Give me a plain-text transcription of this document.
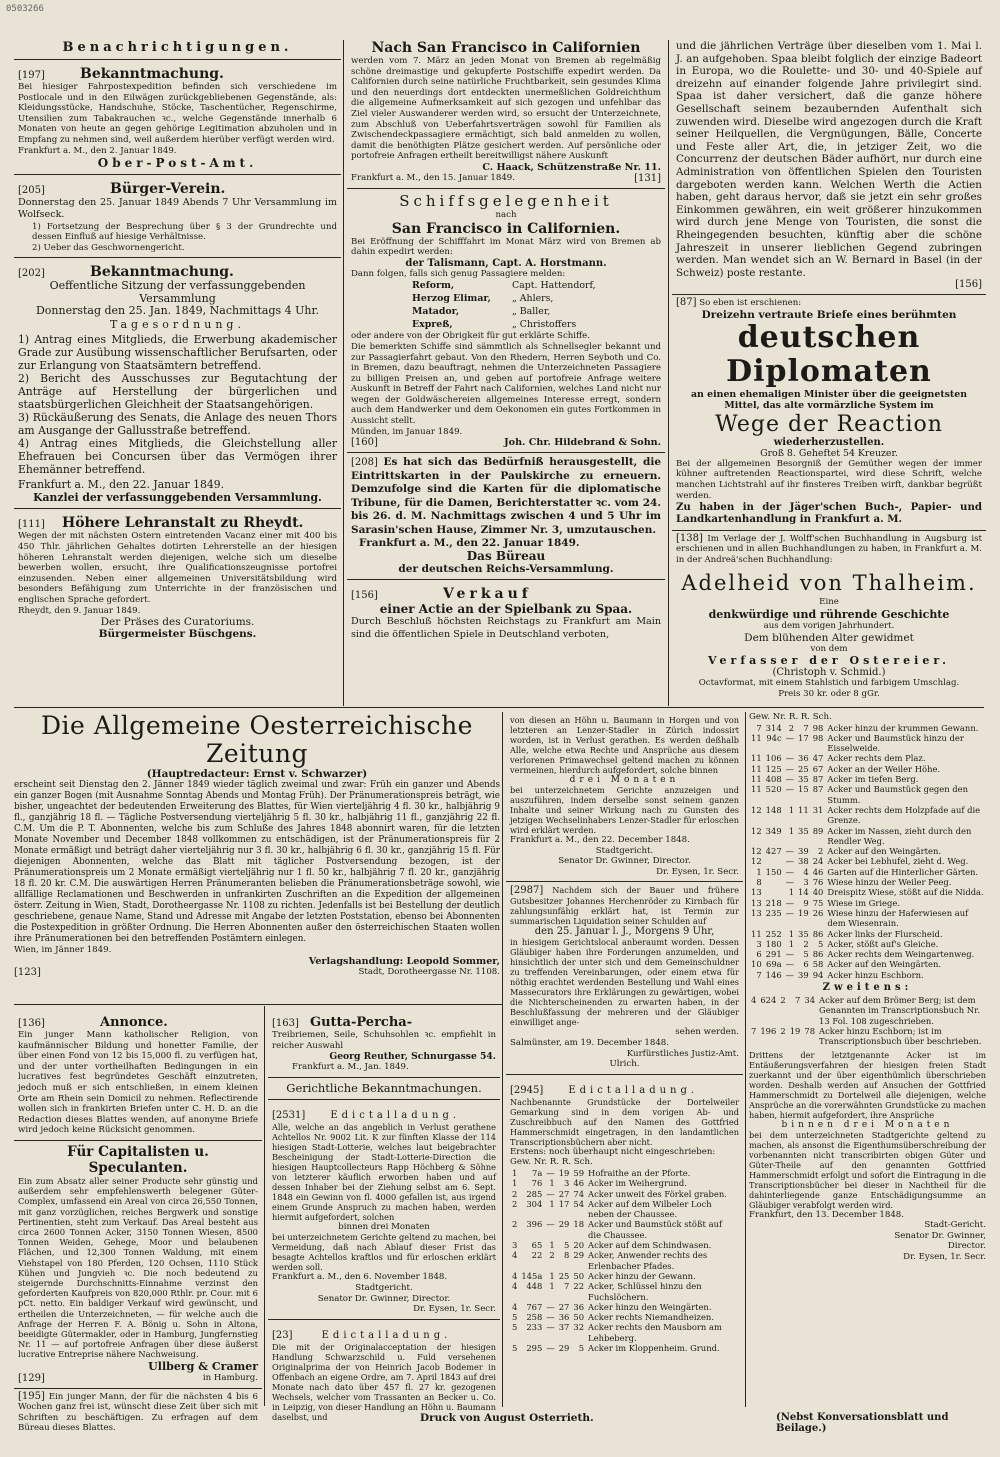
0503266
Benachrichtigungen.
[197]	Bekanntmachung.

Bei hiesiger Fahrpostexpedition befinden sich verschiedene im Postlocale und in den Eilwägen zurückgebliebenen Gegenstände, als: Kleidungsstücke, Handschuhe, Stöcke, Taschentücher, Regenschirme, Utensilien zum Tabakrauchen ꝛc., welche Gegenstände innerhalb 6 Monaten von heute an gegen gehörige Legitimation abzuholen und in Empfang zu nehmen sind, weil außerdem hierüber verfügt werden wird.

Frankfurt a. M., den 2. Januar 1849.

Ober-Post-Amt.
[205]	Bürger-Verein.

Donnerstag den 25. Januar 1849 Abends 7 Uhr Versammlung im Wolfseck.

1) Fortsetzung der Besprechung über § 3 der Grundrechte und dessen Einfluß auf hiesige Verhältnisse.

2) Ueber das Geschwornengericht.

[202]	Bekanntmachung.

Oeffentliche Sitzung der verfassunggebenden Versammlung

Donnerstag den 25. Jan. 1849, Nachmittags 4 Uhr.

Tagesordnung.

1) Antrag eines Mitglieds, die Erwerbung akademischer Grade zur Ausübung wissenschaftlicher Berufsarten, oder zur Erlangung von Staatsämtern betreffend.

2) Bericht des Ausschusses zur Begutachtung der Anträge auf Herstellung der bürgerlichen und staatsbürgerlichen Gleichheit der Staatsangehörigen.

3) Rückäußerung des Senats, die Anlage des neuen Thors am Ausgange der Gallusstraße betreffend.

4) Antrag eines Mitglieds, die Gleichstellung aller Ehefrauen bei Concursen über das Vermögen ihrer Ehemänner betreffend.

Frankfurt a. M., den 22. Januar 1849.

Kanzlei der verfassunggebenden Versammlung.
[111] Höhere Lehranstalt zu Rheydt.

Wegen der mit nächsten Ostern eintretenden Vacanz einer mit 400 bis 450 Thlr. jährlichen Gehaltes dotirten Lehrerstelle an der hiesigen höheren Lehranstalt werden diejenigen, welche sich um dieselbe bewerben wollen, ersucht, ihre Qualificationszeugnisse portofrei einzusenden. Neben einer allgemeinen Universitätsbildung wird besonders Befähigung zum Unterrichte in der französischen und englischen Sprache gefordert.

Rheydt, den 9. Januar 1849.

Der Präses des Curatoriums.
Bürgermeister Büschgens.
Nach San Francisco in Californien

werden vom 7. März an jeden Monat von Bremen ab regelmäßig schöne dreimastige und gekupferte Postschiffe expedirt werden. Da Californien durch seine natürliche Fruchtbarkeit, sein gesundes Klima und den neuerdings dort entdeckten unermeßlichen Goldreichthum die allgemeine Aufmerksamkeit auf sich gezogen und unfehlbar das Ziel vieler Auswanderer werden wird, so ersucht der Unterzeichnete, zum Abschluß von Ueberfahrtsverträgen sowohl für Familien als Zwischendeckpassagiere ermächtigt, sich bald anmelden zu wollen, damit die benöthigten Plätze gesichert werden. Auf persönliche oder portofreie Anfragen ertheilt bereitwilligst nähere Auskunft

C. Haack, Schützenstraße Nr. 11.
Frankfurt a. M., den 15. Januar 1849.	[131]
Schiffsgelegenheit
nach
San Francisco in Californien.

Bei Eröffnung der Schifffahrt im Monat März wird von Bremen ab dahin expedirt werden:

der Talismann, Capt. A. Horstmann.

Dann folgen, falls sich genug Passagiere melden:

Reform,	Capt. Hattendorf,
Herzog Elimar,	„ Ahlers,
Matador,	„ Baller,
Expreß,	„ Christoffers

oder andere von der Obrigkeit für gut erklärte Schiffe.

Die bemerkten Schiffe sind sämmtlich als Schnellsegler bekannt und zur Passagierfahrt gebaut. Von den Rhedern, Herren Seyboth und Co. in Bremen, dazu beauftragt, nehmen die Unterzeichneten Passagiere zu billigen Preisen an, und geben auf portofreie Anfrage weitere Auskunft in Betreff der Fahrt nach Californien, welches Land nicht nur wegen der Goldwäschereien allgemeines Interesse erregt, sondern auch dem Handwerker und dem Oekonomen ein gutes Fortkommen in Aussicht stellt.

Münden, im Januar 1849.

[160]	Joh. Chr. Hildebrand & Sohn.

[208] Es hat sich das Bedürfniß herausgestellt, die Eintrittskarten in der Paulskirche zu erneuern. Demzufolge sind die Karten für die diplomatische Tribune, für die Damen, Berichterstatter ꝛc. vom 24. bis 26. d. M. Nachmittags zwischen 4 und 5 Uhr im Sarasin'schen Hause, Zimmer Nr. 3, umzutauschen.

Frankfurt a. M., den 22. Januar 1849.

Das Büreau
der deutschen Reichs-Versammlung.
[156]	Verkauf
einer Actie an der Spielbank zu Spaa.

Durch Beschluß höchsten Reichstags zu Frankfurt am Main sind die öffentlichen Spiele in Deutschland verboten,

und die jährlichen Verträge über dieselben vom 1. Mai l. J. an aufgehoben. Spaa bleibt folglich der einzige Badeort in Europa, wo die Roulette- und 30- und 40-Spiele auf dreizehn auf einander folgende Jahre privilegirt sind. Spaa ist daher versichert, daß die ganze höhere Gesellschaft seinem bezaubernden Aufenthalt sich zuwenden wird. Dieselbe wird angezogen durch die Kraft seiner Heilquellen, die Vergnügungen, Bälle, Concerte und Feste aller Art, die, in jetziger Zeit, wo die Concurrenz der deutschen Bäder aufhört, nur durch eine Administration von öffentlichen Spielen den Touristen dargeboten werden kann. Welchen Werth die Actien haben, geht daraus hervor, daß sie jetzt ein sehr großes Einkommen gewähren, ein weit größerer hinzukommen wird durch jene Menge von Touristen, die sonst die Rheingegenden besuchten, künftig aber die schöne Jahreszeit in unserer lieblichen Gegend zubringen werden. Man wendet sich an W. Bernard in Basel (in der Schweiz) poste restante.

[156]
[87] So eben ist erschienen:
Dreizehn vertraute Briefe eines berühmten
deutschen Diplomaten
an einen ehemaligen Minister über die geeignetsten Mittel, das alte vormärzliche System im
Wege der Reaction
wiederherzustellen.
Groß 8. Geheftet 54 Kreuzer.

Bei der allgemeinen Besorgniß der Gemüther wegen der immer kühner auftretenden Reactionspartei, wird diese Schrift, welche manchen Lichtstrahl auf ihr finsteres Treiben wirft, dankbar begrüßt werden.

Zu haben in der Jäger'schen Buch-, Papier- und Landkartenhandlung in Frankfurt a. M.

[138] Im Verlage der J. Wolff'schen Buchhandlung in Augsburg ist erschienen und in allen Buchhandlungen zu haben, in Frankfurt a. M. in der Andreä'schen Buchhandlung:
Adelheid von Thalheim.
Eine
denkwürdige und rührende Geschichte
aus dem vorigen Jahrhundert.
Dem blühenden Alter gewidmet
von dem
Verfasser der Ostereier.
(Christoph v. Schmid.)
Octavformat, mit einem Stahlstich und farbigem Umschlag.
Preis 30 kr. oder 8 gGr.
Die Allgemeine Oesterreichische Zeitung
(Hauptredacteur: Ernst v. Schwarzer)

erscheint seit Dienstag den 2. Jänner 1849 wieder täglich zweimal und zwar: Früh ein ganzer und Abends ein ganzer Bogen (mit Ausnahme Sonntag Abends und Montag Früh). Der Pränumerationspreis beträgt, wie bisher, ungeachtet der bedeutenden Erweiterung des Blattes, für Wien vierteljährig 4 fl. 30 kr., halbjährig 9 fl., ganzjährig 18 fl. — Tägliche Postversendung vierteljährig 5 fl. 30 kr., halbjährig 11 fl., ganzjährig 22 fl. C.M. Um die P. T. Abonnenten, welche bis zum Schluße des Jahres 1848 abonnirt waren, für die letzten Monate November und December 1848 vollkommen zu entschädigen, ist der Pränumerationspreis für 2 Monate ermäßigt und beträgt daher vierteljährig nur 3 fl. 30 kr., halbjährig 6 fl. 30 kr., ganzjährig 15 fl. Für diejenigen Abonnenten, welche das Blatt mit täglicher Postversendung bezogen, ist der Pränumerationspreis um 2 Monate ermäßigt vierteljährig nur 1 fl. 50 kr., halbjährig 7 fl. 20 kr., ganzjährig 18 fl. 20 kr. C.M. Die auswärtigen Herren Pränumeranten belieben die Pränumerationsbeträge sowohl, wie allfällige Reclamationen und Beschwerden in unfrankirten Zuschriften an die Expedition der allgemeinen österr. Zeitung in Wien, Stadt, Dorotheergasse Nr. 1108 zu richten. Jedenfalls ist bei Bestellung der deutlich geschriebene, genaue Name, Stand und Adresse mit Angabe der letzten Poststation, ebenso bei Abonnenten die Postexpedition in größter Ordnung. Die Herren Abonnenten außer den österreichischen Staaten wollen ihre Pränumerationen bei den betreffenden Postämtern einlegen.

Wien, im Jänner 1849.

Verlagshandlung: Leopold Sommer,
[123]	Stadt, Dorotheergasse Nr. 1108.
[136]	Annonce.

Ein junger Mann katholischer Religion, von kaufmännischer Bildung und honetter Familie, der über einen Fond von 12 bis 15,000 fl. zu verfügen hat, und der unter vortheilhaften Bedingungen in ein lucratives fest begründetes Geschäft einzutreten, jedoch muß er sich entschließen, in einem kleinen Orte am Rhein sein Domicil zu nehmen. Reflectirende wollen sich in frankirten Briefen unter C. H. D. an die Redaction dieses Blattes wenden, auf anonyme Briefe wird jedoch keine Rücksicht genommen.

Für Capitalisten u. Speculanten.

Ein zum Absatz aller seiner Producte sehr günstig und außerdem sehr empfehlenswerth belegener Güter-Complex, umfassend ein Areal von circa 26,550 Tonnen, mit ganz vorzüglichen, reiches Bergwerk und sonstige Pertinentien, steht zum Verkauf. Das Areal besteht aus circa 2600 Tonnen Acker, 3150 Tonnen Wiesen, 8500 Tonnen Weiden, Gehege, Moor und belaubenen Flächen, und 12,300 Tonnen Waldung, mit einem Viehstapel von 180 Pferden, 120 Ochsen, 1110 Stück Kühen und Jungvieh ꝛc. Die noch bedeutend zu steigernde Durchschnitts-Einnahme verzinst den geforderten Kaufpreis von 820,000 Rthlr. pr. Cour. mit 6 pCt. netto. Ein baldiger Verkauf wird gewünscht, und ertheilen die Unterzeichneten, — für welche auch die Anfrage der Herren F. A. Bönig u. Sohn in Altona, beeidigte Gütermakler, oder in Hamburg, Jungfernstieg Nr. 11 — auf portofreie Anfragen über diese äußerst lucrative Entreprise nähere Nachweisung.

Ullberg & Cramer
[129]	in Hamburg.

[195] Ein junger Mann, der für die nächsten 4 bis 6 Wochen ganz frei ist, wünscht diese Zeit über sich mit Schriften zu beschäftigen. Zu erfragen auf dem Büreau dieses Blattes.

[163] Gutta-Percha-

Treibriemen, Seile, Schuhsohlen ꝛc. empfiehlt in reicher Auswahl

Georg Reuther, Schnurgasse 54.

Frankfurt a. M., Jan. 1849.

Gerichtliche Bekanntmachungen.
[2531]	Edictalladung.

Alle, welche an das angeblich in Verlust gerathene Achtellos Nr. 9002 Lit. K zur fünften Klasse der 114 hiesigen Stadt-Lotterie, welches laut beigebrachter Bescheinigung der Stadt-Lotterie-Direction die hiesigen Hauptcollecteurs Rapp Höchberg & Söhne von letzterer käuflich erworben haben und auf dessen Inhaber bei der Ziehung selbst am 6. Sept. 1848 ein Gewinn von fl. 4000 gefallen ist, aus irgend einem Grunde Anspruch zu machen haben, werden hiermit aufgefordert, solchen

binnen drei Monaten

bei unterzeichnetem Gerichte geltend zu machen, bei Vermeidung, daß nach Ablauf dieser Frist das besagte Achtellos kraftlos und für erloschen erklärt werden soll.

Frankfurt a. M., den 6. November 1848.

Stadtgericht.
Senator Dr. Gwinner, Director.
Dr. Eysen, 1r. Secr.
[23]	Edictalladung.

Die mit der Originalacceptation der hiesigen Handlung Schwarzschild u. Fuld versehenen Originalprima der von Heinrich Jacob Bodemer in Offenbach an eigene Ordre, am 7. April 1843 auf drei Monate nach dato über 457 fl. 27 kr. gezogenen Wechsels, welcher vom Trassanten an Becker u. Co. in Leipzig, von dieser Handlung an Höhn u. Baumann daselbst, und

von diesen an Höhn u. Baumann in Horgen und von letzteren an Lenzer-Stadler in Zürich indossirt worden, ist in Verlust gerathen. Es werden deßhalb Alle, welche etwa Rechte und Ansprüche aus diesem verlorenen Primawechsel geltend machen zu können vermeinen, hierdurch aufgefordert, solche binnen

drei Monaten

bei unterzeichnetem Gerichte anzuzeigen und auszuführen, indem derselbe sonst seinem ganzen Inhalte und seiner Wirkung nach zu Gunsten des jetzigen Wechselinhabers Lenzer-Stadler für erloschen wird erklärt werden.

Frankfurt a. M., den 22. December 1848.

Stadtgericht.
Senator Dr. Gwinner, Director.
Dr. Eysen, 1r. Secr.

[2987] Nachdem sich der Bauer und frühere Gutsbesitzer Johannes Herchenröder zu Kirnbach für zahlungsunfähig erklärt hat, ist Termin zur summarischen Liquidation seiner Schulden auf

den 25. Januar l. J., Morgens 9 Uhr,

in hiesigem Gerichtslocal anberaumt worden. Dessen Gläubiger haben ihre Forderungen anzumelden, und hinsichtlich der unter sich und dem Gemeinschuldner zu treffenden Vereinbarungen, oder einem etwa für nöthig erachtet werdenden Bestellung und Wahl eines Massecurators ihre Erklärungen zu gewärtigen, wobei die Nichterscheinenden zu erwarten haben, in der Beschlußfassung der mehreren und der Gläubiger einwilliget ange-

sehen werden.

Salmünster, am 19. December 1848.

Kurfürstliches Justiz-Amt.
Ulrich.
[2945]	Edictalladung.

Nachbenannte Grundstücke der Dortelweiler Gemarkung sind in dem vorigen Ab- und Zuschreibbuch auf den Namen des Gottfried Hammerschmidt eingetragen, in den landamtlichen Transcriptionsbüchern aber nicht.

Erstens: noch überhaupt nicht eingeschrieben:
Gew. Nr. R. R. Sch.
1	7a	—	19	59	Hofraithe an der Pforte.
1	76	1	3	46	Acker im Weihergrund.
2	285	—	27	74	Acker unweit des Förkel graben.
2	304	1	17	54	Acker auf dem Wilbeler Loch neben der Chaussee.
2	396	—	29	18	Acker und Baumstück stößt auf die Chaussee.
3	65	1	5	20	Acker auf dem Schindwasen.
4	22	2	8	29	Acker, Anwender rechts des Erlenbacher Pfades.
4	145a	1	25	50	Acker hinzu der Gewann.
4	448	1	7	22	Acker, Schlüssel hinzu den Fuchslöchern.
4	767	—	27	36	Acker hinzu den Weingärten.
5	258	—	36	50	Acker rechts Niemandheizen.
5	233	—	37	32	Acker rechts den Mausborn am Lehbeberg.
5	295	—	29	5	Acker im Kloppenheim. Grund.
Gew. Nr. R. R. Sch.
7	314	2	7	98	Acker hinzu der krummen Gewann.
11	94c	—	17	98	Acker und Baumstück hinzu der Eisselweide.
11	106	—	36	47	Acker rechts dem Plaz.
11	125	—	25	67	Acker an der Weiler Höhe.
11	408	—	35	87	Acker im tiefen Berg.
11	520	—	15	87	Acker und Baumstück gegen den Stumm.
12	148	1	11	31	Acker rechts dem Holzpfade auf die Grenze.
12	349	1	35	89	Acker im Nassen, zieht durch den Rendler Weg.
12	427	—	39	2	Acker auf den Weingärten.
12		—	38	24	Acker bei Lebhufel, zieht d. Weg.
1	150	—	4	46	Garten auf die Hinterlicher Gärten.
8		—	3	76	Wiese hinzu der Weiler Peeg.
13		1	14	40	Dreispitz Wiese, stößt auf die Nidda.
13	218	—	9	75	Wiese im Griege.
13	235	—	19	26	Wiese hinzu der Haferwiesen auf dem Wiesenrain.
11	252	1	35	86	Acker links der Flurscheid.
3	180	1	2	5	Acker, stößt auf's Gleiche.
6	291	—	5	86	Acker rechts dem Weingartenweg.
10	69a	—	6	58	Acker auf den Weingärten.
7	146	—	39	94	Acker hinzu Eschborn.
Zweitens:
4	624	2	7	34	Acker auf dem Brömer Berg; ist dem Genannten im Transcriptionsbuch Nr. 13 Fol. 108 zugeschrieben.
7	196	2	19	78	Acker hinzu Eschborn; ist im Transcriptionsbuch über beschrieben.

Drittens der letztgenannte Acker ist im Entäußerungsverfahren der hiesigen freien Stadt zuerkannt und der über eigenthümlich überschrieben worden. Deshalb werden auf Ansuchen der Gottfried Hammerschmidt zu Dortelweil alle diejenigen, welche Ansprüche an die vorerwähnten Grundstücke zu machen haben, hiermit aufgefordert, ihre Ansprüche

binnen drei Monaten

bei dem unterzeichneten Stadtgerichte geltend zu machen, als ansonst die Eigenthumsüberschreibung der vorbenannten nicht transcribirten obigen Güter und Güter-Theile auf den genannten Gottfried Hammerschmidt erfolgt und sofort die Eintragung in die Transcriptionsbücher bei dieser in Nachtheil für die dahinterliegende ganze Entschädigungsumme an Gläubiger verabfolgt werden wird.

Frankfurt, den 13. December 1848.

Stadt-Gericht.
Senator Dr. Gwinner,
Director.
Dr. Eysen, 1r. Secr.
Druck von August Osterrieth.	(Nebst Konversationsblatt und Beilage.)
